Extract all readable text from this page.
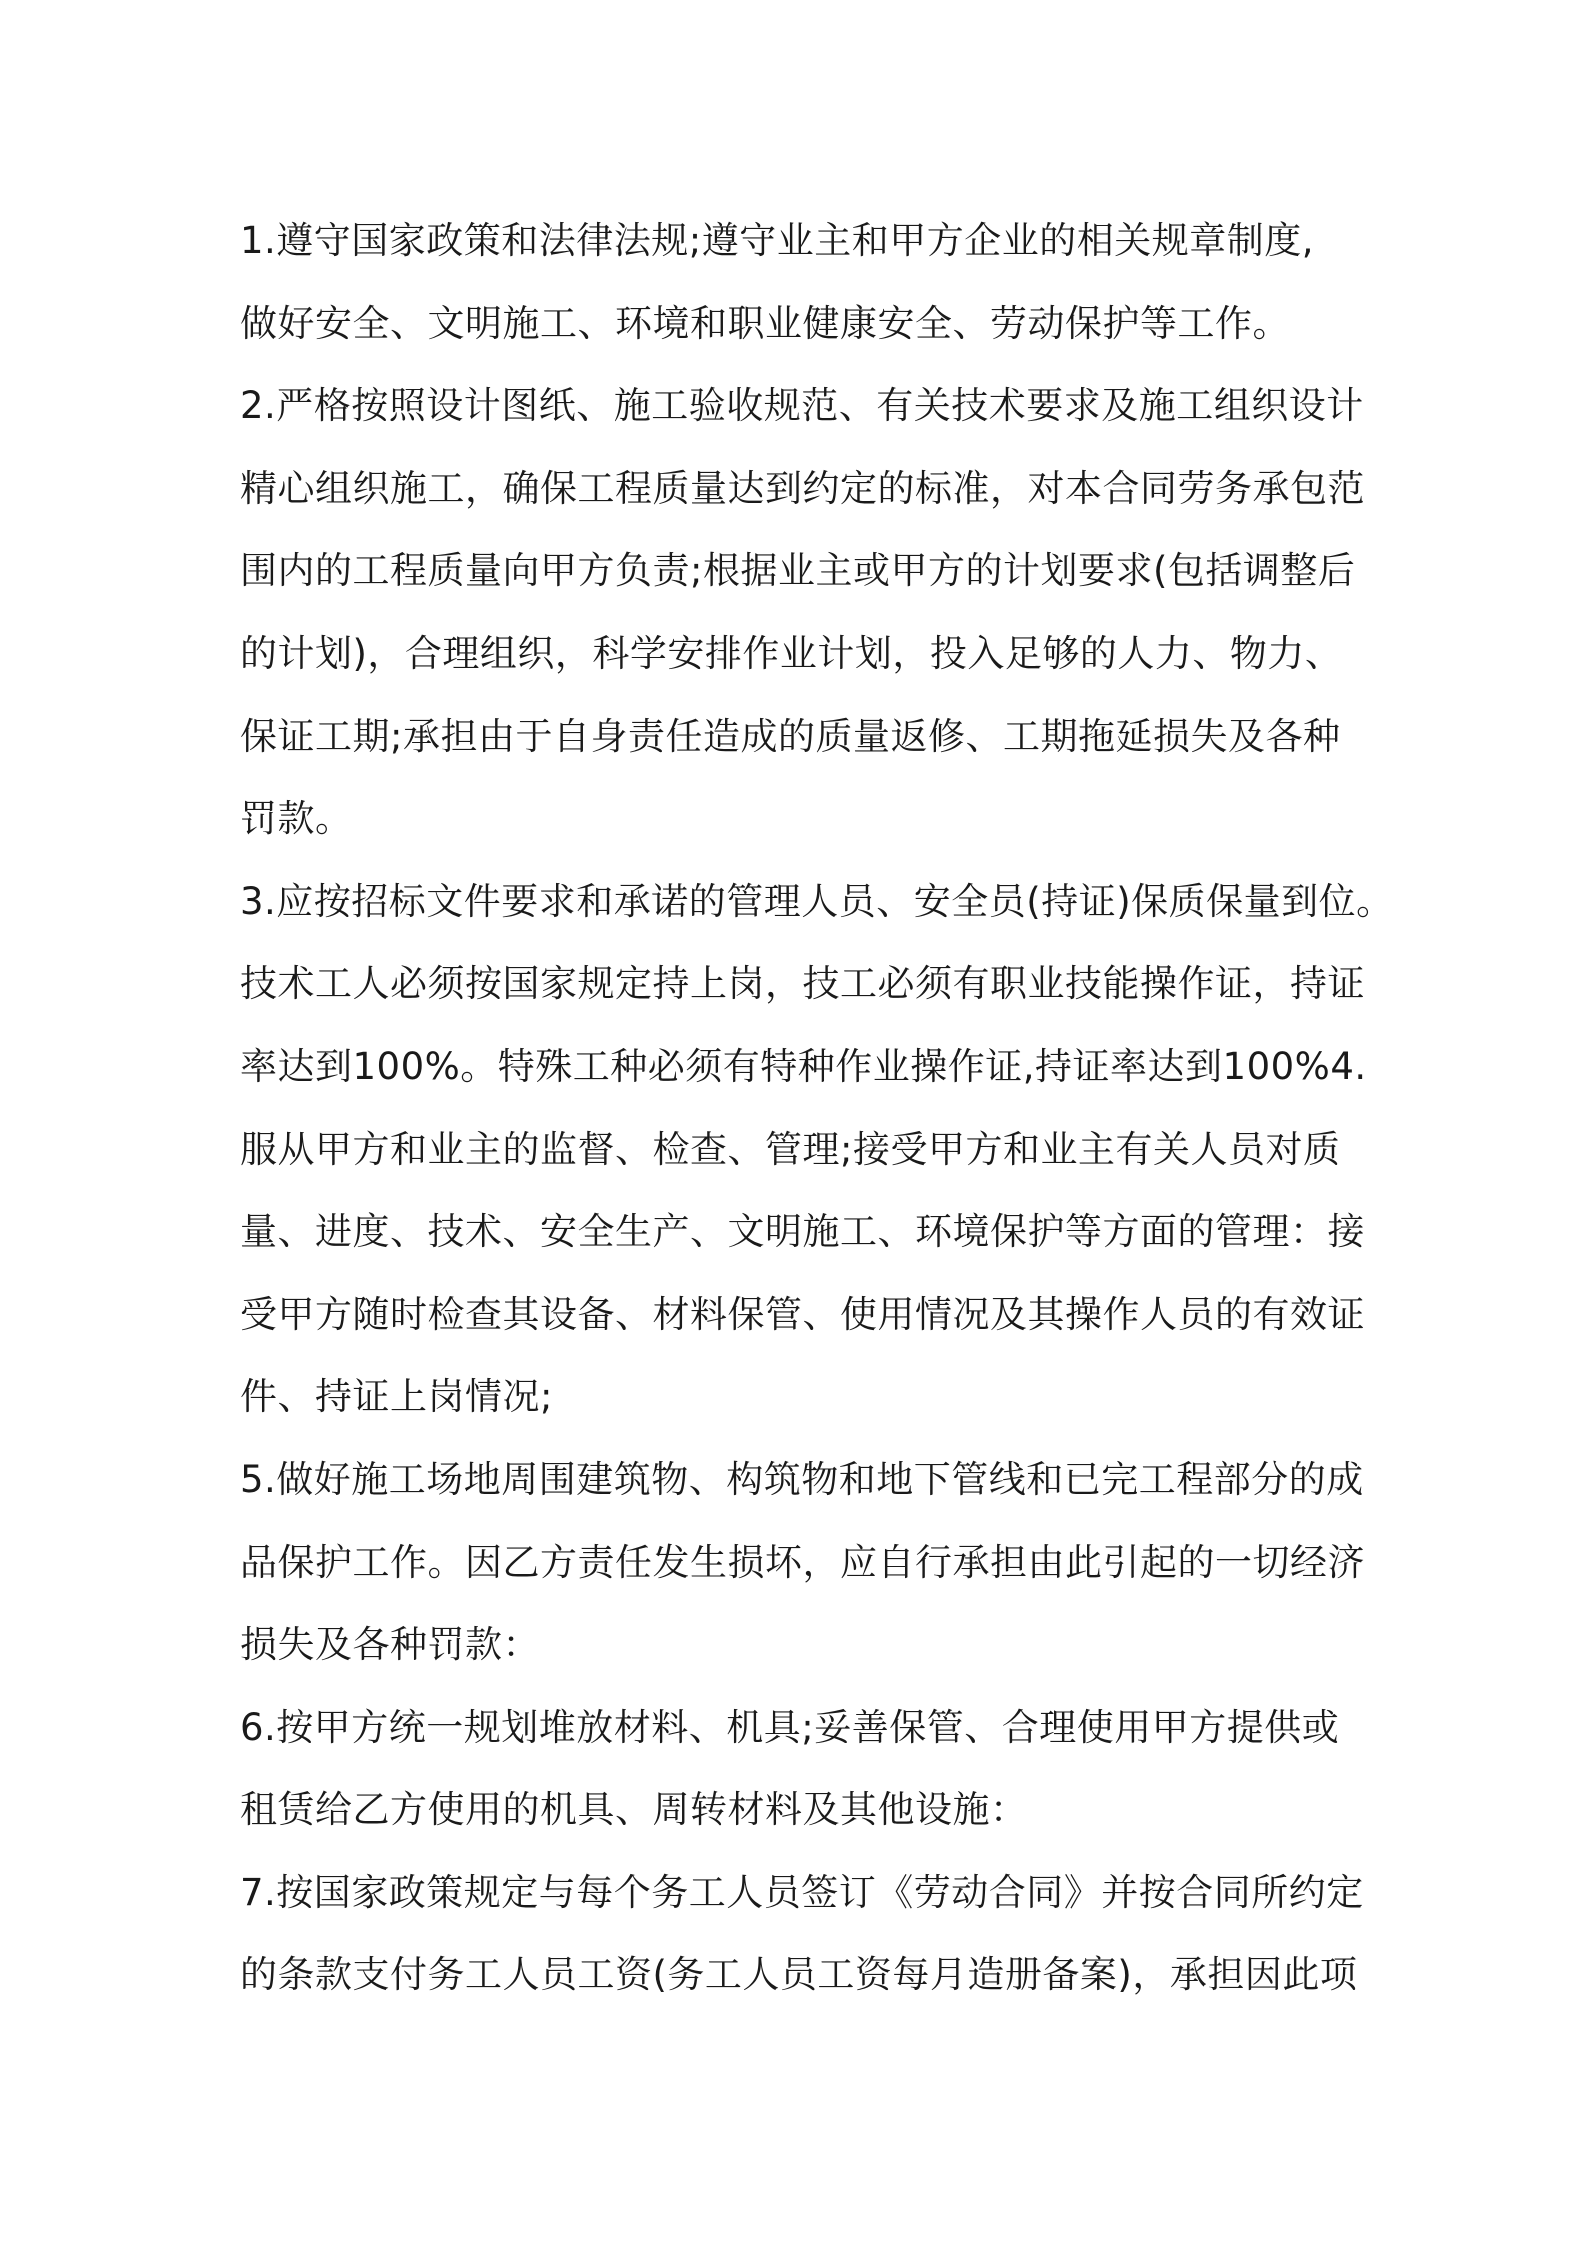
1.遵守国家政策和法律法规;遵守业主和甲方企业的相关规章制度,
做好安全、文明施工、环境和职业健康安全、劳动保护等工作。
2.严格按照设计图纸、施工验收规范、有关技术要求及施工组织设计
精心组织施工，确保工程质量达到约定的标准，对本合同劳务承包范
围内的工程质量向甲方负责;根据业主或甲方的计划要求(包括调整后
的计划)，合理组织，科学安排作业计划，投入足够的人力、物力、
保证工期;承担由于自身责任造成的质量返修、工期拖延损失及各种
罚款。
3.应按招标文件要求和承诺的管理人员、安全员(持证)保质保量到位。
技术工人必须按国家规定持上岗，技工必须有职业技能操作证，持证
率达到100%。特殊工种必须有特种作业操作证,持证率达到100%4.
服从甲方和业主的监督、检查、管理;接受甲方和业主有关人员对质
量、进度、技术、安全生产、文明施工、环境保护等方面的管理：接
受甲方随时检查其设备、材料保管、使用情况及其操作人员的有效证
件、持证上岗情况;
5.做好施工场地周围建筑物、构筑物和地下管线和已完工程部分的成
品保护工作。因乙方责任发生损坏，应自行承担由此引起的一切经济
损失及各种罚款：
6.按甲方统一规划堆放材料、机具;妥善保管、合理使用甲方提供或
租赁给乙方使用的机具、周转材料及其他设施：
7.按国家政策规定与每个务工人员签订《劳动合同》并按合同所约定
的条款支付务工人员工资(务工人员工资每月造册备案)，承担因此项
